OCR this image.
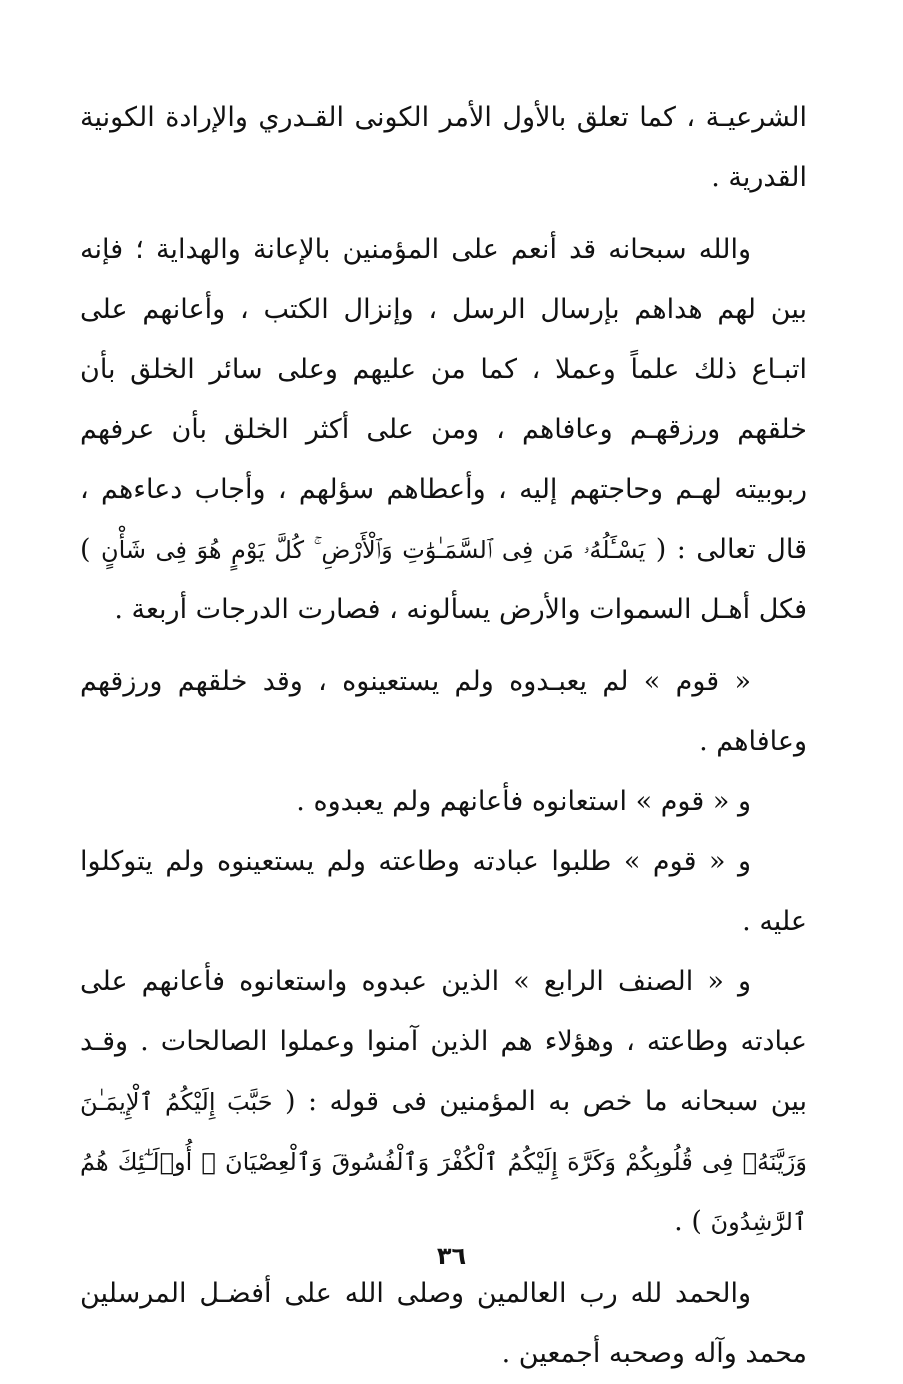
الشرعيـة ، كما تعلق بالأول الأمر الكونى القـدري والإرادة الكونية القدرية .

والله سبحانه قد أنعم على المؤمنين بالإعانة والهداية ؛ فإنه بين لهم هداهم بإرسال الرسل ، وإنزال الكتب ، وأعانهم على اتبـاع ذلك علماً وعملا ، كما من عليهم وعلى سائر الخلق بأن خلقهم ورزقهـم وعافاهم ، ومن على أكثر الخلق بأن عرفهم ربوبيته لهـم وحاجتهم إليه ، وأعطاهم سؤلهم ، وأجاب دعاءهم ، قال تعالى : ( يَسْـَٔلُهُۥ مَن فِى ٱلسَّمَـٰوَٰتِ وَٱلْأَرْضِ ۚ كُلَّ يَوْمٍ هُوَ فِى شَأْنٍ ) فكل أهـل السموات والأرض يسألونه ، فصارت الدرجات أربعة .

« قوم » لم يعبـدوه ولم يستعينوه ، وقد خلقهم ورزقهم وعافاهم .

و « قوم » استعانوه فأعانهم ولم يعبدوه .

و « قوم » طلبوا عبادته وطاعته ولم يستعينوه ولم يتوكلوا عليه .

و « الصنف الرابع » الذين عبدوه واستعانوه فأعانهم على عبادته وطاعته ، وهؤلاء هم الذين آمنوا وعملوا الصالحات . وقـد بين سبحانه ما خص به المؤمنين فى قوله : ( حَبَّبَ إِلَيْكُمُ ٱلْإِيمَـٰنَ وَزَيَّنَهُۥ فِى قُلُوبِكُمْ وَكَرَّهَ إِلَيْكُمُ ٱلْكُفْرَ وَٱلْفُسُوقَ وَٱلْعِصْيَانَ ۚ أُو۟لَـٰٓئِكَ هُمُ ٱلرَّٰشِدُونَ ) .

والحمد لله رب العالمين وصلى الله على أفضـل المرسلين محمد وآله وصحبه أجمعين .

٣٦
